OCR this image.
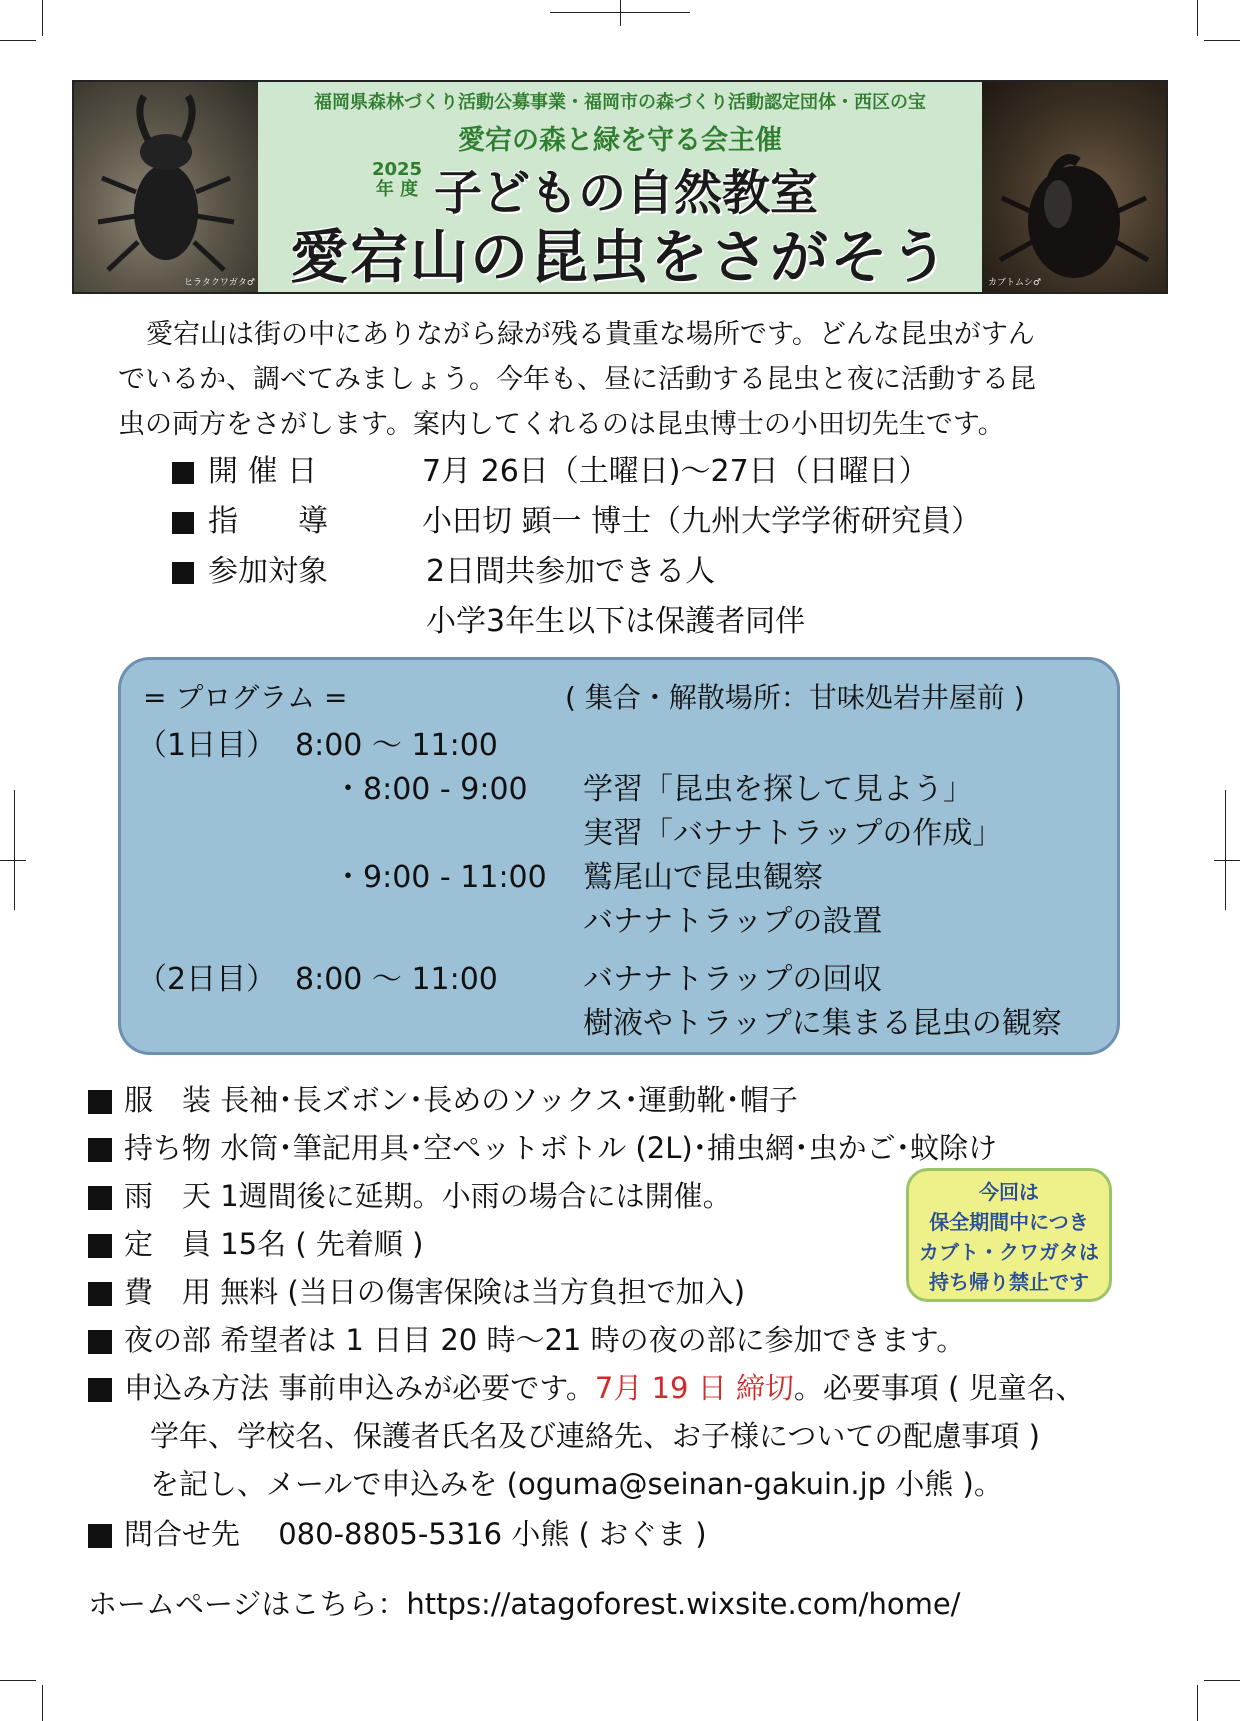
ヒラタクワガタ♂
福岡県森林づくり活動公募事業・福岡市の森づくり活動認定団体・西区の宝
愛宕の森と緑を守る会主催
2025
年 度 子どもの自然教室
愛宕山の昆虫をさがそう	カブトムシ♂
愛宕山は街の中にありながら緑が残る貴重な場所です。どんな昆虫がすん
でいるか、調べてみましょう。今年も、昼に活動する昆虫と夜に活動する昆
虫の両方をさがします。案内してくれるのは昆虫博士の小田切先生です。
開 催 日	7月 26日（土曜日)～27日（日曜日）
指　　導	小田切 顕一 博士（九州大学学術研究員）
参加対象	2日間共参加できる人
小学3年生以下は保護者同伴
= プログラム =	( 集合・解散場所：甘味処岩井屋前 )
（1日目） 8:00 ～ 11:00
・8:00 - 9:00 学習「昆虫を探して見よう」
実習「バナナトラップの作成」
・9:00 - 11:00 鷲尾山で昆虫観察
バナナトラップの設置
（2日目） 8:00 ～ 11:00	バナナトラップの回収
樹液やトラップに集まる昆虫の観察
服　装 長袖･長ズボン･長めのソックス･運動靴･帽子
持ち物 水筒･筆記用具･空ペットボトル (2L)･捕虫網･虫かご･蚊除け
雨　天 1週間後に延期。小雨の場合には開催。
定　員 15名 ( 先着順 )
費　用 無料 (当日の傷害保険は当方負担で加入)
夜の部 希望者は 1 日目 20 時～21 時の夜の部に参加できます。
申込み方法 事前申込みが必要です。7月 19 日 締切。必要事項 ( 児童名、
学年、学校名、保護者氏名及び連絡先、お子様についての配慮事項 )
を記し、メールで申込みを (oguma@seinan-gakuin.jp 小熊 )。
問合せ先　 080-8805-5316 小熊 ( おぐま )
ホームページはこちら：https://atagoforest.wixsite.com/home/
今回は
保全期間中につき
カブト・クワガタは
持ち帰り禁止です
